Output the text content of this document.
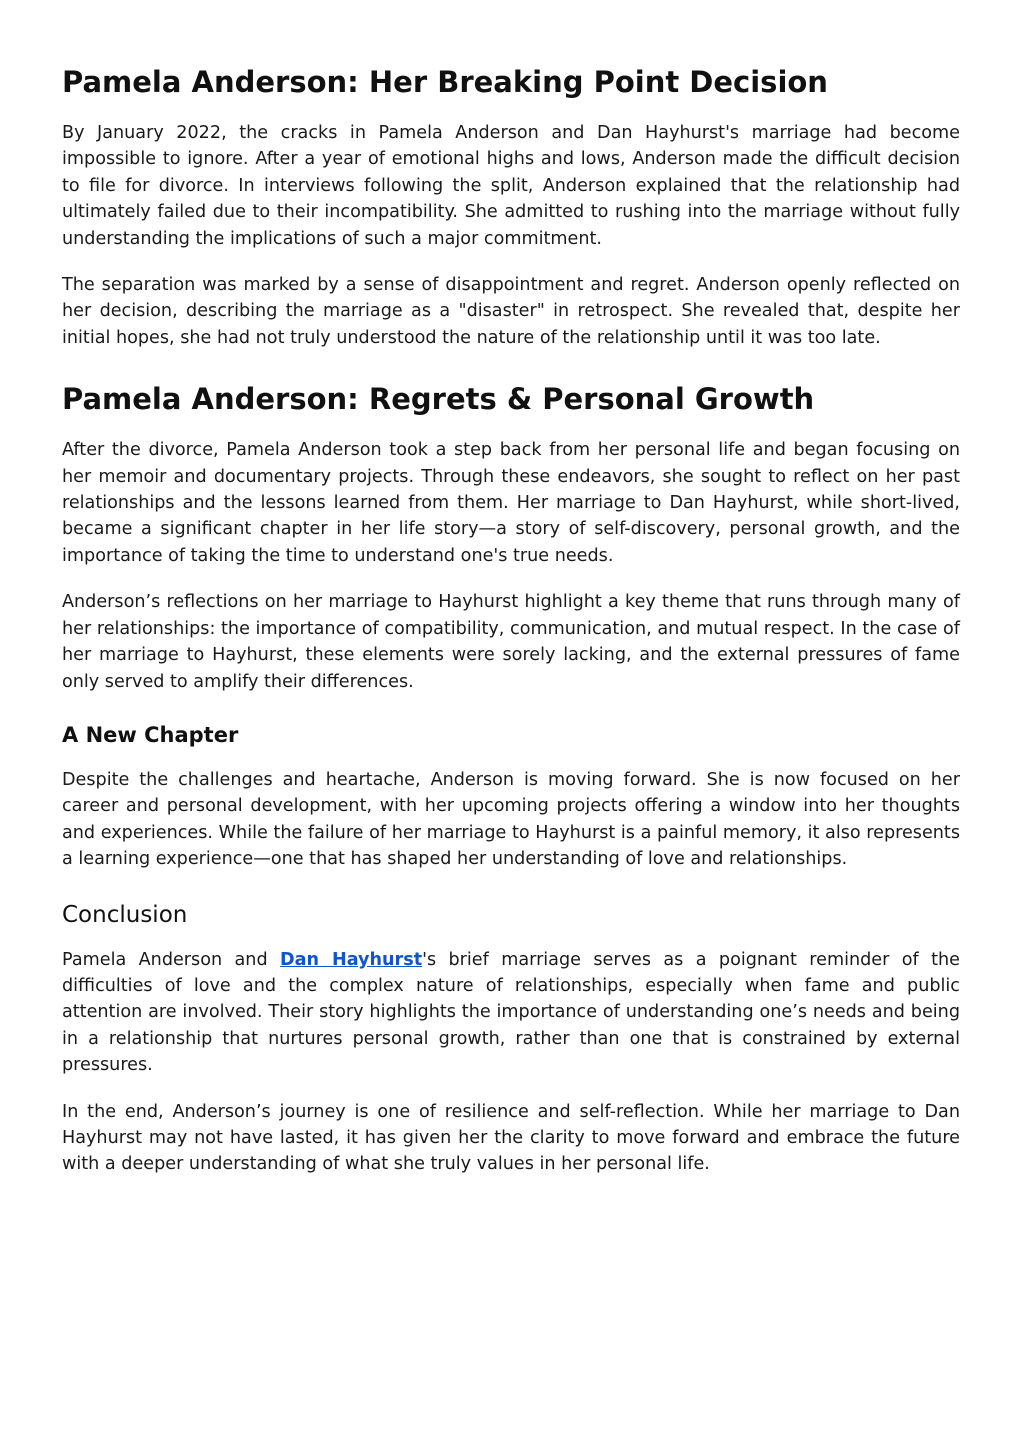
Pamela Anderson: Her Breaking Point Decision

By January 2022, the cracks in Pamela Anderson and Dan Hayhurst's marriage had become impossible to ignore. After a year of emotional highs and lows, Anderson made the difficult decision to file for divorce. In interviews following the split, Anderson explained that the relationship had ultimately failed due to their incompatibility. She admitted to rushing into the marriage without fully understanding the implications of such a major commitment.

The separation was marked by a sense of disappointment and regret. Anderson openly reflected on her decision, describing the marriage as a "disaster" in retrospect. She revealed that, despite her initial hopes, she had not truly understood the nature of the relationship until it was too late.

Pamela Anderson: Regrets & Personal Growth

After the divorce, Pamela Anderson took a step back from her personal life and began focusing on her memoir and documentary projects. Through these endeavors, she sought to reflect on her past relationships and the lessons learned from them. Her marriage to Dan Hayhurst, while short-lived, became a significant chapter in her life story—a story of self-discovery, personal growth, and the importance of taking the time to understand one's true needs.

Anderson’s reflections on her marriage to Hayhurst highlight a key theme that runs through many of her relationships: the importance of compatibility, communication, and mutual respect. In the case of her marriage to Hayhurst, these elements were sorely lacking, and the external pressures of fame only served to amplify their differences.

A New Chapter

Despite the challenges and heartache, Anderson is moving forward. She is now focused on her career and personal development, with her upcoming projects offering a window into her thoughts and experiences. While the failure of her marriage to Hayhurst is a painful memory, it also represents a learning experience—one that has shaped her understanding of love and relationships.

Conclusion

Pamela Anderson and Dan Hayhurst's brief marriage serves as a poignant reminder of the difficulties of love and the complex nature of relationships, especially when fame and public attention are involved. Their story highlights the importance of understanding one’s needs and being in a relationship that nurtures personal growth, rather than one that is constrained by external pressures.

In the end, Anderson’s journey is one of resilience and self-reflection. While her marriage to Dan Hayhurst may not have lasted, it has given her the clarity to move forward and embrace the future with a deeper understanding of what she truly values in her personal life.
